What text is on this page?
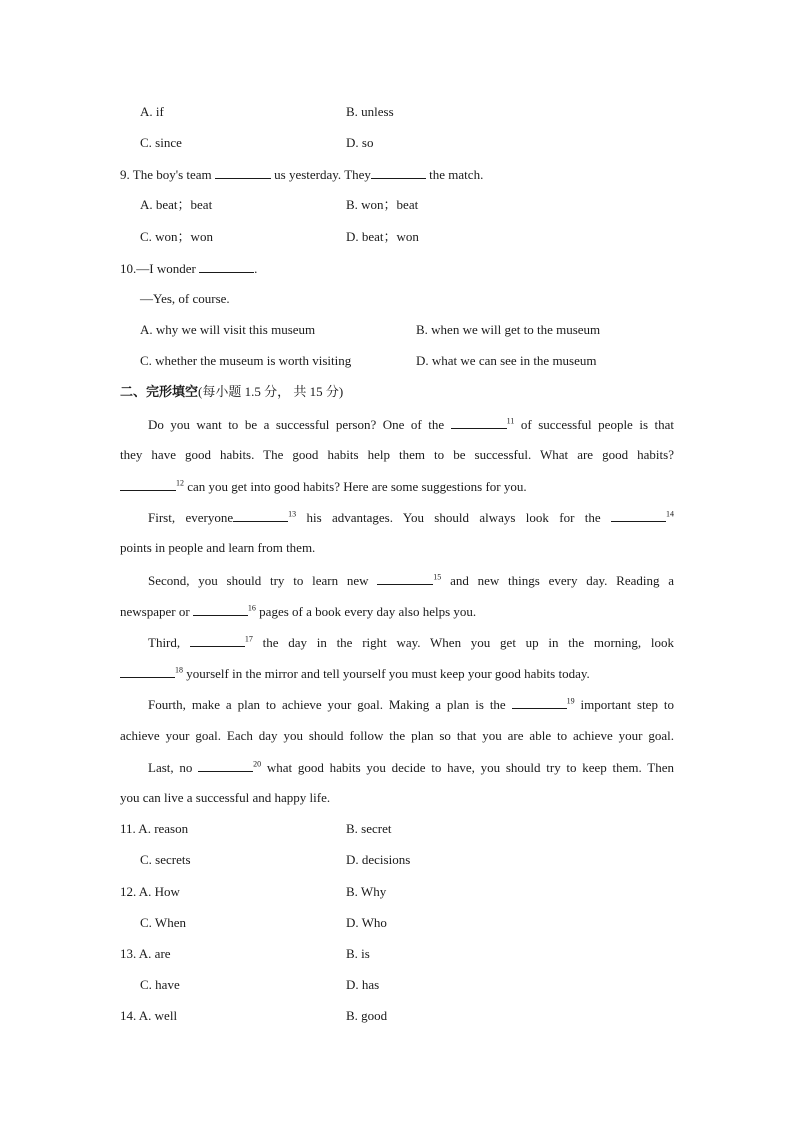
A. if	B. unless
C. since	D. so
9. The boy's team	us yesterday. They	the match.
A. beat；beat	B. won；beat
C. won；won	D. beat；won
10.—I wonder	.
—Yes, of course.
A. why we will visit this museum	B. when we will get to the museum
C. whether the museum is worth visiting	D. what we can see in the museum
二、完形填空(每小题 1.5 分， 共 15 分)
Do you want to be a successful person? One of the	$^{11}$ of successful people is that
they have good habits. The good habits help them to be successful. What are good habits?
$^{12}$ can you get into good habits? Here are some suggestions for you.
First, everyone	$^{13}$ his advantages. You should always look for the	$^{14}$
points in people and learn from them.
Second, you should try to learn new	$^{15}$ and new things every day. Reading a
newspaper or	$^{16}$ pages of a book every day also helps you.
Third,	$^{17}$ the day in the right way. When you get up in the morning, look
$^{18}$ yourself in the mirror and tell yourself you must keep your good habits today.
Fourth, make a plan to achieve your goal. Making a plan is the	$^{19}$ important step to
achieve your goal. Each day you should follow the plan so that you are able to achieve your goal.
Last, no	$^{20}$ what good habits you decide to have, you should try to keep them. Then
you can live a successful and happy life.
11. A. reason	B. secret
C. secrets	D. decisions
12. A. How	B. Why
C. When	D. Who
13. A. are	B. is
C. have	D. has
14. A. well	B. good
